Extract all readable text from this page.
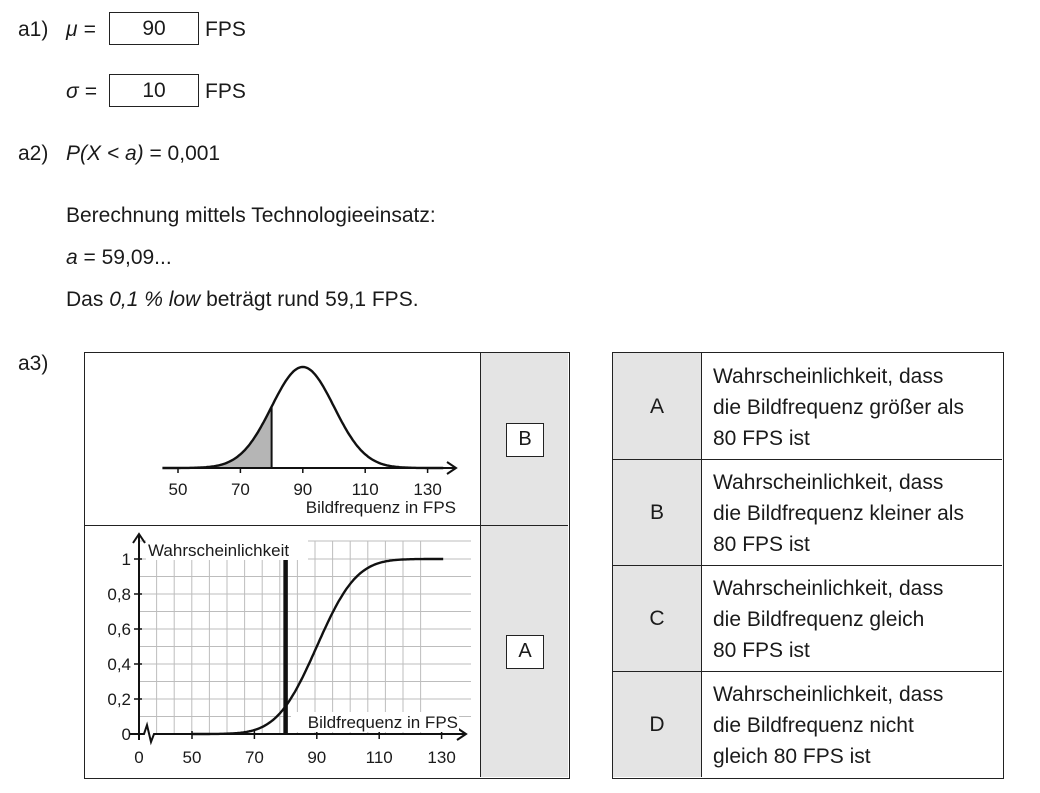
a1) μ =	90	FPS
σ =	10	FPS
a2) P(X < a) = 0,001
Berechnung mittels Technologieeinsatz:
a = 59,09...
Das 0,1 % low beträgt rund 59,1 FPS.
a3)
B
A
50	70	90 110 130
Bildfrequenz in FPS
0
0,2
0,4
0,6
0,8
1
0 50	70	90 110 130
Wahrscheinlichkeit
Bildfrequenz in FPS
A
Wahrscheinlichkeit, dass
die Bildfrequenz größer als
80 FPS ist
B
Wahrscheinlichkeit, dass
die Bildfrequenz kleiner als
80 FPS ist
C
Wahrscheinlichkeit, dass
die Bildfrequenz gleich
80 FPS ist
D
Wahrscheinlichkeit, dass
die Bildfrequenz nicht
gleich 80 FPS ist
